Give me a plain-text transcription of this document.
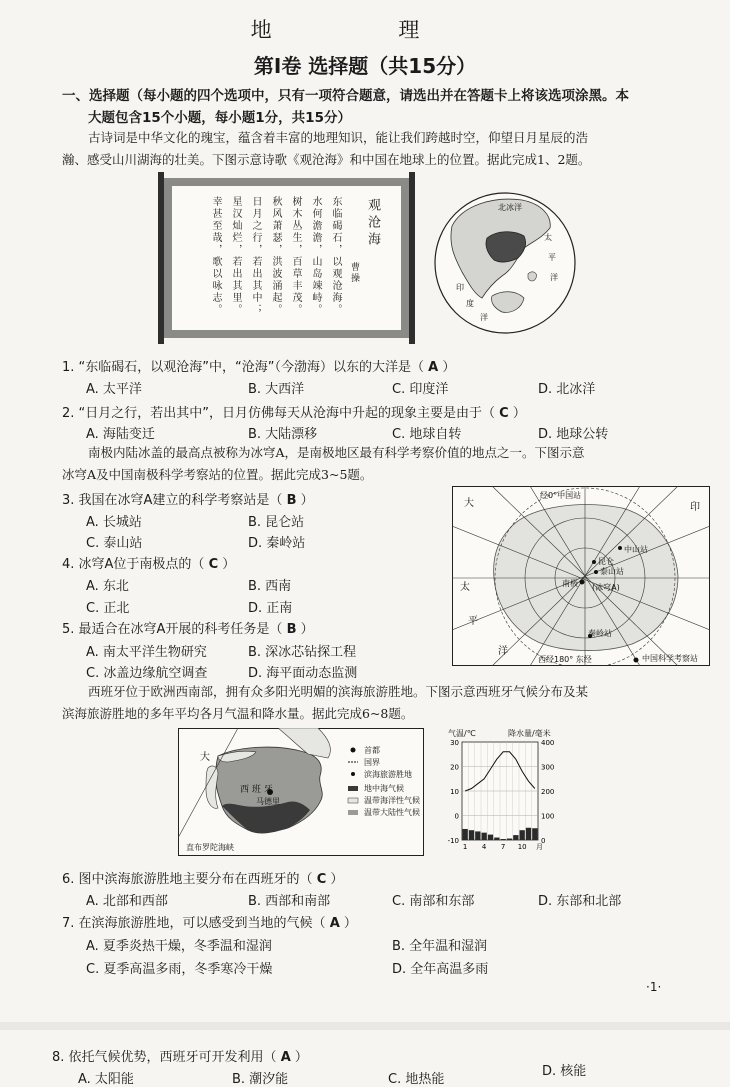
地 理
第Ⅰ卷 选择题（共15分）
一、选择题（每小题的四个选项中，只有一项符合题意，请选出并在答题卡上将该选项涂黑。本
大题包含15个小题，每小题1分，共15分）
古诗词是中华文化的瑰宝，蕴含着丰富的地理知识，能让我们跨越时空，仰望日月星辰的浩
瀚、感受山川湖海的壮美。下图示意诗歌《观沧海》和中国在地球上的位置。据此完成1、2题。
观沧海
曹操
东临碣石，以观沧海。
水何澹澹，山岛竦峙。
树木丛生，百草丰茂。
秋风萧瑟，洪波涌起。
日月之行，若出其中；
星汉灿烂，若出其里。
幸甚至哉，歌以咏志。	北冰洋
太
平
洋
印
度
洋
1. “东临碣石，以观沧海”中，“沧海”（今渤海）以东的大洋是（ A ）
A. 太平洋	B. 大西洋	C. 印度洋	D. 北冰洋
2. “日月之行，若出其中”，日月仿佛每天从沧海中升起的现象主要是由于（ C ）
A. 海陆变迁	B. 大陆漂移	C. 地球自转	D. 地球公转
南极内陆冰盖的最高点被称为冰穹A，是南极地区最有科学考察价值的地点之一。下图示意
冰穹A及中国南极科学考察站的位置。据此完成3~5题。
3. 我国在冰穹A建立的科学考察站是（ B ）
A. 长城站	B. 昆仑站
C. 泰山站	D. 秦岭站
4. 冰穹A位于南极点的（ C ）
A. 东北	B. 西南
C. 正北	D. 正南
5. 最适合在冰穹A开展的科考任务是（ B ）
A. 南太平洋生物研究	B. 深冰芯钻探工程
C. 冰盖边缘航空调查	D. 海平面动态监测
大	印
太
平
洋
经0°中国站
中山站
泰山站
(冰穹A)
昆仑
南极
秦岭站
西经180° 东经	中国科学考察站
西班牙位于欧洲西南部，拥有众多阳光明媚的滨海旅游胜地。下图示意西班牙气候分布及某
滨海旅游胜地的多年平均各月气温和降水量。据此完成6~8题。
大
西 班 牙
马德里
直布罗陀海峡
首都
国界
滨海旅游胜地
地中海气候
温带海洋性气候
温带大陆性气候
气温/℃	降水量/毫米
30
20
10
0
-10
400
300
200
100
0
1 4 7 10 月
6. 图中滨海旅游胜地主要分布在西班牙的（ C ）
A. 北部和西部	B. 西部和南部	C. 南部和东部	D. 东部和北部
7. 在滨海旅游胜地，可以感受到当地的气候（ A ）
A. 夏季炎热干燥，冬季温和湿润	B. 全年温和湿润
C. 夏季高温多雨，冬季寒冷干燥	D. 全年高温多雨
·1·
8. 依托气候优势，西班牙可开发利用（ A ）
A. 太阳能	B. 潮汐能	C. 地热能
D. 核能
